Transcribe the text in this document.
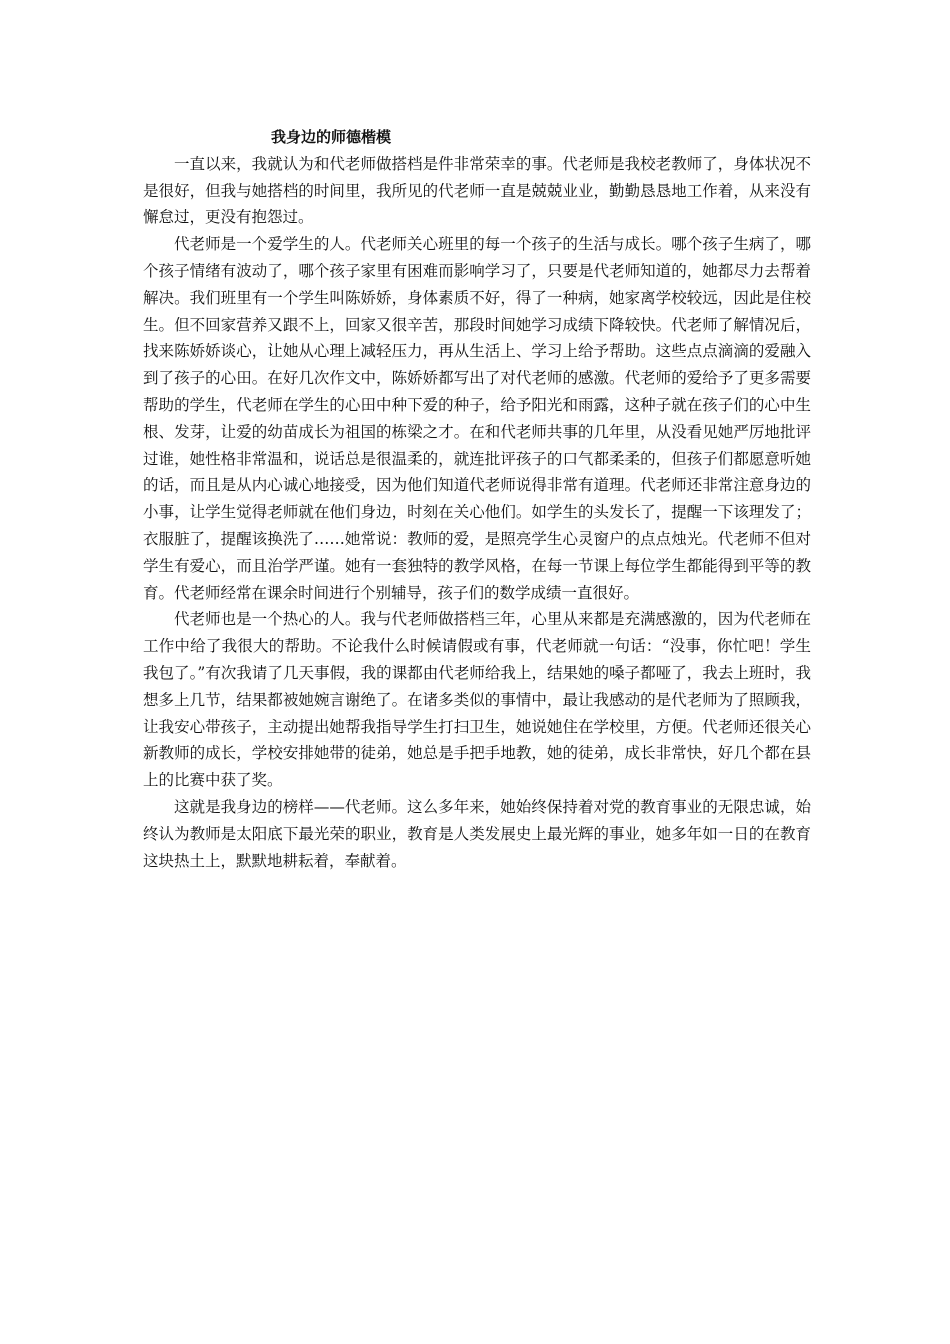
我身边的师德楷模

一直以来，我就认为和代老师做搭档是件非常荣幸的事。代老师是我校老教师了，身体状况不是很好，但我与她搭档的时间里，我所见的代老师一直是兢兢业业，勤勤恳恳地工作着，从来没有懈怠过，更没有抱怨过。

代老师是一个爱学生的人。代老师关心班里的每一个孩子的生活与成长。哪个孩子生病了，哪个孩子情绪有波动了，哪个孩子家里有困难而影响学习了，只要是代老师知道的，她都尽力去帮着解决。我们班里有一个学生叫陈娇娇，身体素质不好，得了一种病，她家离学校较远，因此是住校生。但不回家营养又跟不上，回家又很辛苦，那段时间她学习成绩下降较快。代老师了解情况后，找来陈娇娇谈心，让她从心理上减轻压力，再从生活上、学习上给予帮助。这些点点滴滴的爱融入到了孩子的心田。在好几次作文中，陈娇娇都写出了对代老师的感激。代老师的爱给予了更多需要帮助的学生，代老师在学生的心田中种下爱的种子，给予阳光和雨露，这种子就在孩子们的心中生根、发芽，让爱的幼苗成长为祖国的栋梁之才。在和代老师共事的几年里，从没看见她严厉地批评过谁，她性格非常温和，说话总是很温柔的，就连批评孩子的口气都柔柔的，但孩子们都愿意听她的话，而且是从内心诚心地接受，因为他们知道代老师说得非常有道理。代老师还非常注意身边的小事，让学生觉得老师就在他们身边，时刻在关心他们。如学生的头发长了，提醒一下该理发了；衣服脏了，提醒该换洗了……她常说：教师的爱，是照亮学生心灵窗户的点点烛光。代老师不但对学生有爱心，而且治学严谨。她有一套独特的教学风格，在每一节课上每位学生都能得到平等的教育。代老师经常在课余时间进行个别辅导，孩子们的数学成绩一直很好。

代老师也是一个热心的人。我与代老师做搭档三年，心里从来都是充满感激的，因为代老师在工作中给了我很大的帮助。不论我什么时候请假或有事，代老师就一句话：“没事，你忙吧！学生我包了。”有次我请了几天事假，我的课都由代老师给我上，结果她的嗓子都哑了，我去上班时，我想多上几节，结果都被她婉言谢绝了。在诸多类似的事情中，最让我感动的是代老师为了照顾我，让我安心带孩子，主动提出她帮我指导学生打扫卫生，她说她住在学校里，方便。代老师还很关心新教师的成长，学校安排她带的徒弟，她总是手把手地教，她的徒弟，成长非常快，好几个都在县上的比赛中获了奖。

这就是我身边的榜样——代老师。这么多年来，她始终保持着对党的教育事业的无限忠诚，始终认为教师是太阳底下最光荣的职业，教育是人类发展史上最光辉的事业，她多年如一日的在教育这块热土上，默默地耕耘着，奉献着。
